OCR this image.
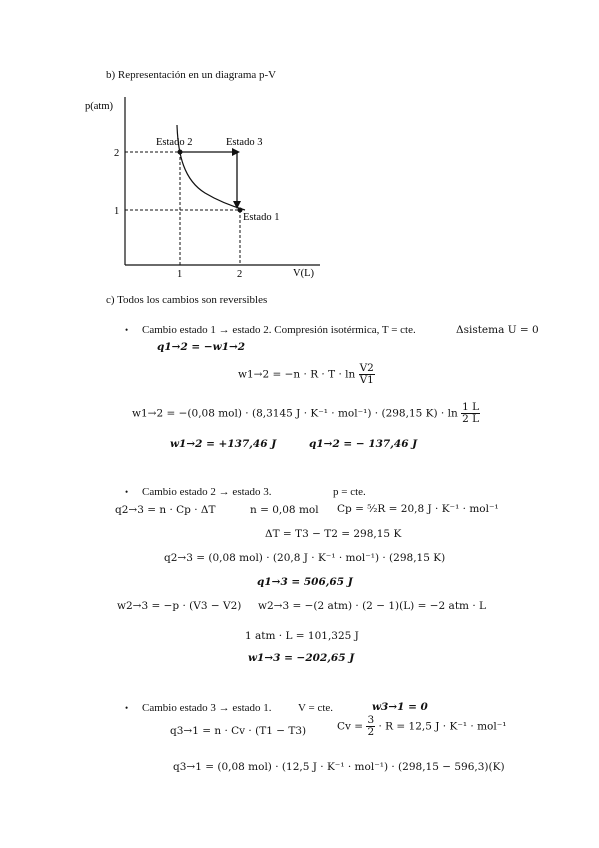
b) Representación en un diagrama p-V
p(atm)
V(L)
2
1
1	2
Estado 2	Estado 3
Estado 1
c) Todos los cambios son reversibles
• Cambio estado 1 → estado 2. Compresión isotérmica, T = cte.	Δsistema U = 0
q1→2 = −w1→2
$w1\to 2 = -n \cdot R \cdot T \cdot \ln \frac{V2}{V1}$
w1→2 = −(0,08 mol) · (8,3145 J · K⁻¹ · mol⁻¹) · (298,15 $K) \cdot \ln \frac{1 L}{2 L}$
w1→2 = +137,46 J	q1→2 = − 137,46 J
• Cambio estado 2 → estado 3.	p = cte.
q2→3 = n · Cp · ΔT	n = 0,08 mol Cp = ⁵⁄₂R = 20,8 J · K⁻¹ · mol⁻¹
ΔT = T3 − T2 = 298,15 K
q2→3 = (0,08 mol) · (20,8 J · K⁻¹ · mol⁻¹) · (298,15 K)
q1→3 = 506,65 J
w2→3 = −p · (V3 − V2) w2→3 = −(2 atm) · (2 − 1)(L) = −2 atm · L
1 atm · L = 101,325 J
w1→3 = −202,65 J
• Cambio estado 3 → estado 1. V = cte.	w3→1 = 0
q3→1 = n · Cv · (T1 − T3)	$Cv = \frac{3}{2} \cdot R = 12,5$ J · K⁻¹ · mol⁻¹
q3→1 = (0,08 mol) · (12,5 J · K⁻¹ · mol⁻¹) · (298,15 − 596,3)(K)
